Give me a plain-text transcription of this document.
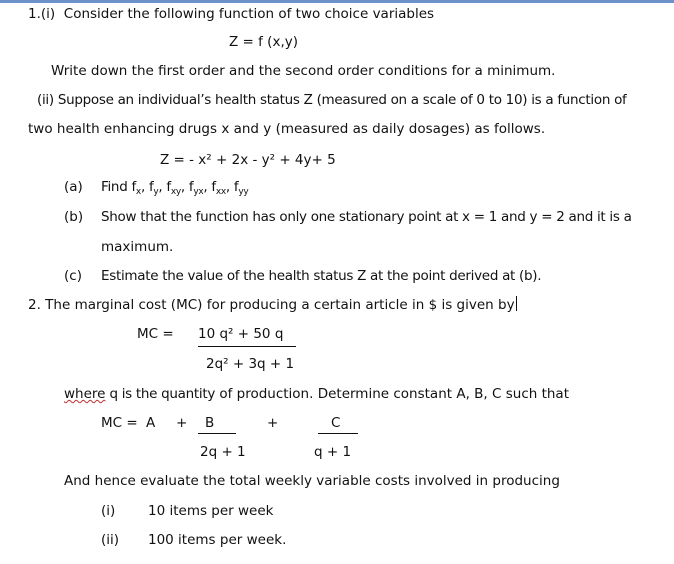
1.(i) Consider the following function of two choice variables
Z = f (x,y)
Write down the first order and the second order conditions for a minimum.
(ii) Suppose an individual’s health status Z (measured on a scale of 0 to 10) is a function of
two health enhancing drugs x and y (measured as daily dosages) as follows.
Z = - x² + 2x - y² + 4y+ 5
(a) Find $f_x$, $f_y$, $f_{xy}$, $f_{yx}$, $f_{xx}$, $f_{yy}$
(b) Show that the function has only one stationary point at x = 1 and y = 2 and it is a
maximum.
(c) Estimate the value of the health status Z at the point derived at (b).
2. The marginal cost (MC) for producing a certain article in $ is given by
MC = 10 q² + 50 q
2q² + 3q + 1
where q is the quantity of production. Determine constant A, B, C such that
MC = A + B	+	C
2q + 1	q + 1
And hence evaluate the total weekly variable costs involved in producing
(i) 10 items per week
(ii) 100 items per week.
